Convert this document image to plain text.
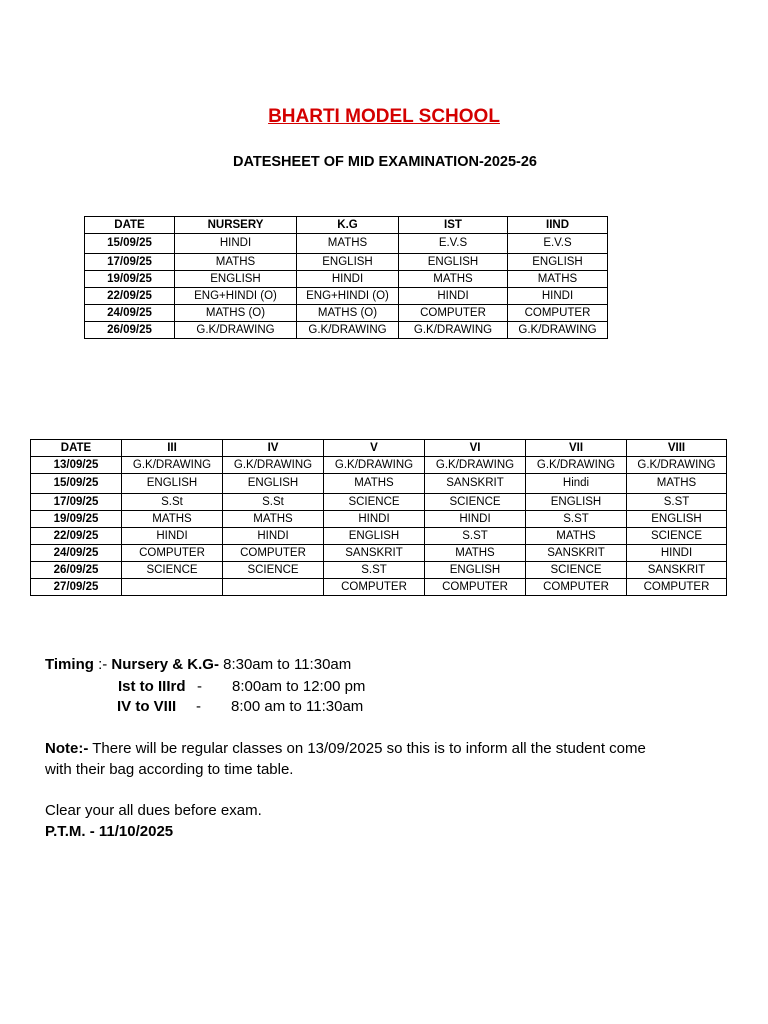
BHARTI MODEL SCHOOL
DATESHEET OF MID EXAMINATION-2025-26
DATE	NURSERY	K.G	IST	IIND
15/09/25	HINDI	MATHS	E.V.S	E.V.S
17/09/25	MATHS	ENGLISH	ENGLISH	ENGLISH
19/09/25	ENGLISH	HINDI	MATHS	MATHS
22/09/25	ENG+HINDI (O)	ENG+HINDI (O)	HINDI	HINDI
24/09/25	MATHS (O)	MATHS (O)	COMPUTER	COMPUTER
26/09/25	G.K/DRAWING	G.K/DRAWING	G.K/DRAWING	G.K/DRAWING
DATE	III	IV	V	VI	VII	VIII
13/09/25	G.K/DRAWING	G.K/DRAWING	G.K/DRAWING	G.K/DRAWING	G.K/DRAWING	G.K/DRAWING
15/09/25	ENGLISH	ENGLISH	MATHS	SANSKRIT	Hindi	MATHS
17/09/25	S.St	S.St	SCIENCE	SCIENCE	ENGLISH	S.ST
19/09/25	MATHS	MATHS	HINDI	HINDI	S.ST	ENGLISH
22/09/25	HINDI	HINDI	ENGLISH	S.ST	MATHS	SCIENCE
24/09/25	COMPUTER	COMPUTER	SANSKRIT	MATHS	SANSKRIT	HINDI
26/09/25	SCIENCE	SCIENCE	S.ST	ENGLISH	SCIENCE	SANSKRIT
27/09/25			COMPUTER	COMPUTER	COMPUTER	COMPUTER
Timing :- Nursery & K.G- 8:30am to 11:30am
Ist to IIIrd - 8:00am to 12:00 pm
IV to VIII - 8:00 am to 11:30am
Note:- There will be regular classes on 13/09/2025 so this is to inform all the student come
with their bag according to time table.
Clear your all dues before exam.
P.T.M. - 11/10/2025
